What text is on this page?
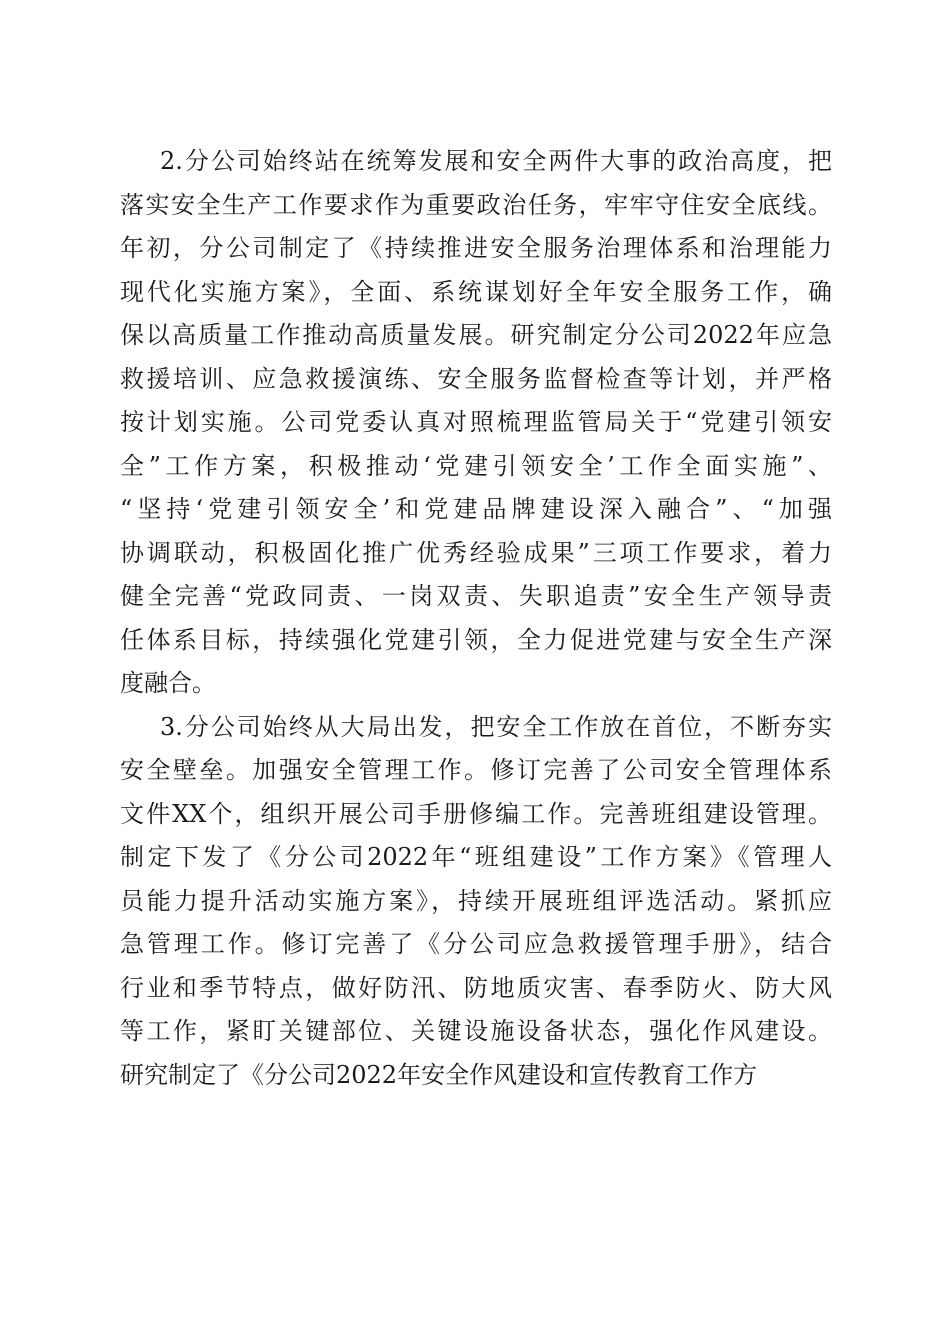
2.分公司始终站在统筹发展和安全两件大事的政治高度，把
落实安全生产工作要求作为重要政治任务，牢牢守住安全底线。
年初，分公司制定了《持续推进安全服务治理体系和治理能力
现代化实施方案》，全面、系统谋划好全年安全服务工作，确
保以高质量工作推动高质量发展。研究制定分公司2022年应急
救援培训、应急救援演练、安全服务监督检查等计划，并严格
按计划实施。公司党委认真对照梳理监管局关于“党建引领安
全”工作方案，积极推动‘党建引领安全’工作全面实施”、
“坚持‘党建引领安全’和党建品牌建设深入融合”、“加强
协调联动，积极固化推广优秀经验成果”三项工作要求，着力
健全完善“党政同责、一岗双责、失职追责”安全生产领导责
任体系目标，持续强化党建引领，全力促进党建与安全生产深
度融合。
3.分公司始终从大局出发，把安全工作放在首位，不断夯实
安全壁垒。加强安全管理工作。修订完善了公司安全管理体系
文件XX个，组织开展公司手册修编工作。完善班组建设管理。
制定下发了《分公司2022年“班组建设”工作方案》《管理人
员能力提升活动实施方案》，持续开展班组评选活动。紧抓应
急管理工作。修订完善了《分公司应急救援管理手册》，结合
行业和季节特点，做好防汛、防地质灾害、春季防火、防大风
等工作，紧盯关键部位、关键设施设备状态，强化作风建设。
研究制定了《分公司2022年安全作风建设和宣传教育工作方
